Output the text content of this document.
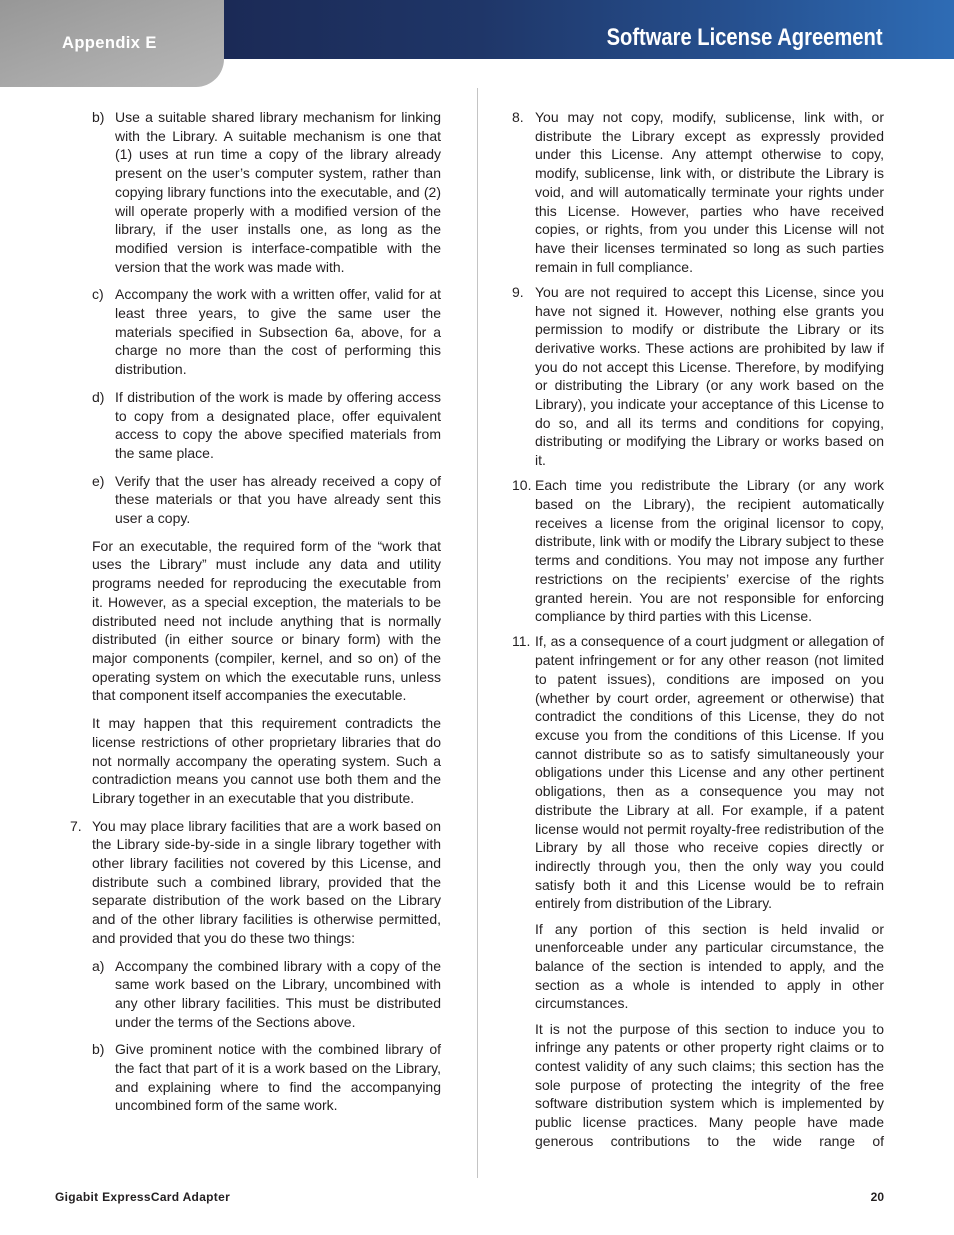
Appendix E	Software License Agreement
b) Use a suitable shared library mechanism for linking with the Library. A suitable mechanism is one that (1) uses at run time a copy of the library already present on the user’s computer system, rather than copying library functions into the executable, and (2) will operate properly with a modified version of the library, if the user installs one, as long as the modified version is interface-compatible with the version that the work was made with.
c) Accompany the work with a written offer, valid for at least three years, to give the same user the materials specified in Subsection 6a, above, for a charge no more than the cost of performing this distribution.
d) If distribution of the work is made by offering access to copy from a designated place, offer equivalent access to copy the above specified materials from the same place.
e) Verify that the user has already received a copy of these materials or that you have already sent this user a copy.
For an executable, the required form of the “work that uses the Library” must include any data and utility programs needed for reproducing the executable from it. However, as a special exception, the materials to be distributed need not include anything that is normally distributed (in either source or binary form) with the major components (compiler, kernel, and so on) of the operating system on which the executable runs, unless that component itself accompanies the executable.
It may happen that this requirement contradicts the license restrictions of other proprietary libraries that do not normally accompany the operating system. Such a contradiction means you cannot use both them and the Library together in an executable that you distribute.
7. You may place library facilities that are a work based on the Library side-by-side in a single library together with other library facilities not covered by this License, and distribute such a combined library, provided that the separate distribution of the work based on the Library and of the other library facilities is otherwise permitted, and provided that you do these two things:
a) Accompany the combined library with a copy of the same work based on the Library, uncombined with any other library facilities. This must be distributed under the terms of the Sections above.
b) Give prominent notice with the combined library of the fact that part of it is a work based on the Library, and explaining where to find the accompanying uncombined form of the same work.
8. You may not copy, modify, sublicense, link with, or distribute the Library except as expressly provided under this License. Any attempt otherwise to copy, modify, sublicense, link with, or distribute the Library is void, and will automatically terminate your rights under this License. However, parties who have received copies, or rights, from you under this License will not have their licenses terminated so long as such parties remain in full compliance.
9. You are not required to accept this License, since you have not signed it. However, nothing else grants you permission to modify or distribute the Library or its derivative works. These actions are prohibited by law if you do not accept this License. Therefore, by modifying or distributing the Library (or any work based on the Library), you indicate your acceptance of this License to do so, and all its terms and conditions for copying, distributing or modifying the Library or works based on it.
10. Each time you redistribute the Library (or any work based on the Library), the recipient automatically receives a license from the original licensor to copy, distribute, link with or modify the Library subject to these terms and conditions. You may not impose any further restrictions on the recipients’ exercise of the rights granted herein. You are not responsible for enforcing compliance by third parties with this License.
11. If, as a consequence of a court judgment or allegation of patent infringement or for any other reason (not limited to patent issues), conditions are imposed on you (whether by court order, agreement or otherwise) that contradict the conditions of this License, they do not excuse you from the conditions of this License. If you cannot distribute so as to satisfy simultaneously your obligations under this License and any other pertinent obligations, then as a consequence you may not distribute the Library at all. For example, if a patent license would not permit royalty-free redistribution of the Library by all those who receive copies directly or indirectly through you, then the only way you could satisfy both it and this License would be to refrain entirely from distribution of the Library.
If any portion of this section is held invalid or unenforceable under any particular circumstance, the balance of the section is intended to apply, and the section as a whole is intended to apply in other circumstances.
It is not the purpose of this section to induce you to infringe any patents or other property right claims or to contest validity of any such claims; this section has the sole purpose of protecting the integrity of the free software distribution system which is implemented by public license practices. Many people have made generous contributions to the wide range of
Gigabit ExpressCard Adapter	20
